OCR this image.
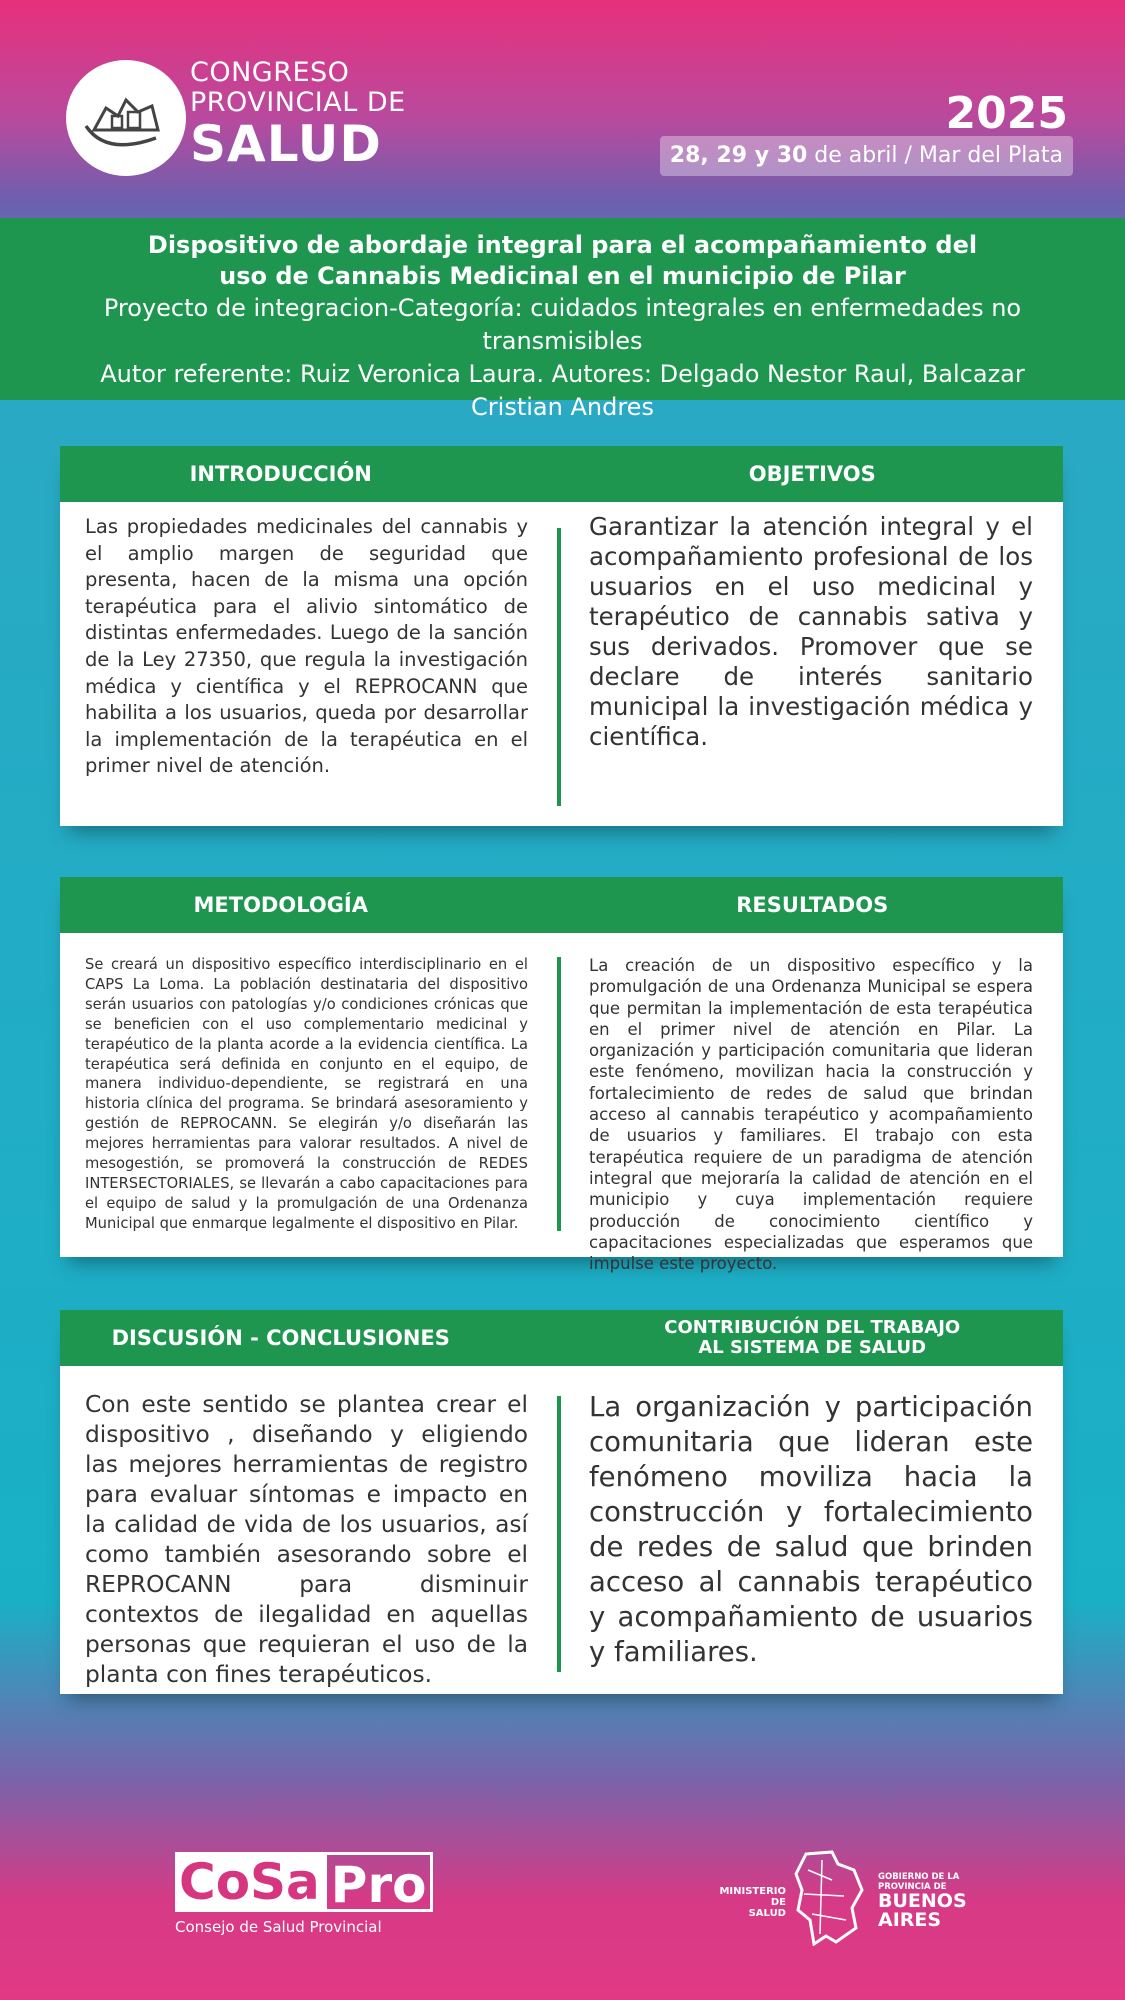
CONGRESO
PROVINCIAL DE
SALUD
2025
28, 29 y 30 de abril / Mar del Plata
Dispositivo de abordaje integral para el acompañamiento del uso de Cannabis Medicinal en el municipio de Pilar
Proyecto de integracion-Categoría: cuidados integrales en enfermedades no transmisibles
Autor referente: Ruiz Veronica Laura. Autores: Delgado Nestor Raul, Balcazar Cristian Andres
INTRODUCCIÓN	OBJETIVOS
Las propiedades medicinales del cannabis y el amplio margen de seguridad que presenta, hacen de la misma una opción terapéutica para el alivio sintomático de distintas enfermedades. Luego de la sanción de la Ley 27350, que regula la investigación médica y científica y el REPROCANN que habilita a los usuarios, queda por desarrollar la implementación de la terapéutica en el primer nivel de atención.
Garantizar la atención integral y el acompañamiento profesional de los usuarios en el uso medicinal y terapéutico de cannabis sativa y sus derivados. Promover que se declare de interés sanitario municipal la investigación médica y científica.
METODOLOGÍA	RESULTADOS
Se creará un dispositivo específico interdisciplinario en el CAPS La Loma. La población destinataria del dispositivo serán usuarios con patologías y/o condiciones crónicas que se beneficien con el uso complementario medicinal y terapéutico de la planta acorde a la evidencia científica. La terapéutica será definida en conjunto en el equipo, de manera individuo-dependiente, se registrará en una historia clínica del programa. Se brindará asesoramiento y gestión de REPROCANN. Se elegirán y/o diseñarán las mejores herramientas para valorar resultados. A nivel de mesogestión, se promoverá la construcción de REDES INTERSECTORIALES, se llevarán a cabo capacitaciones para el equipo de salud y la promulgación de una Ordenanza Municipal que enmarque legalmente el dispositivo en Pilar.
La creación de un dispositivo específico y la promulgación de una Ordenanza Municipal se espera que permitan la implementación de esta terapéutica en el primer nivel de atención en Pilar. La organización y participación comunitaria que lideran este fenómeno, movilizan hacia la construcción y fortalecimiento de redes de salud que brindan acceso al cannabis terapéutico y acompañamiento de usuarios y familiares. El trabajo con esta terapéutica requiere de un paradigma de atención integral que mejoraría la calidad de atención en el municipio y cuya implementación requiere producción de conocimiento científico y capacitaciones especializadas que esperamos que impulse este proyecto.
DISCUSIÓN - CONCLUSIONES	CONTRIBUCIÓN DEL TRABAJO
AL SISTEMA DE SALUD
Con este sentido se plantea crear el dispositivo , diseñando y eligiendo las mejores herramientas de registro para evaluar síntomas e impacto en la calidad de vida de los usuarios, así como también asesorando sobre el REPROCANN para disminuir contextos de ilegalidad en aquellas personas que requieran el uso de la planta con fines terapéuticos.
La organización y participación comunitaria que lideran este fenómeno moviliza hacia la construcción y fortalecimiento de redes de salud que brinden acceso al cannabis terapéutico y acompañamiento de usuarios y familiares.
CoSa Pro
Consejo de Salud Provincial
MINISTERIO DE
SALUD
GOBIERNO DE LA
PROVINCIA DE
BUENOS
AIRES
